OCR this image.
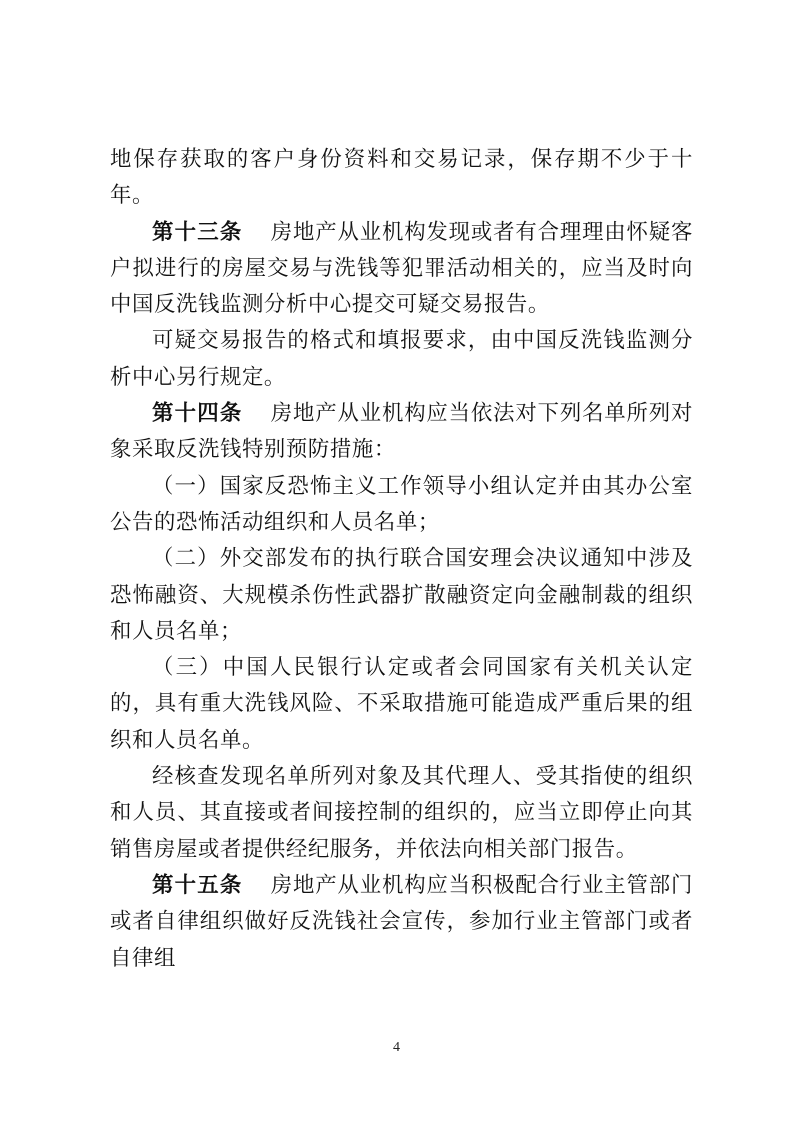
地保存获取的客户身份资料和交易记录，保存期不少于十年。

第十三条 房地产从业机构发现或者有合理理由怀疑客户拟进行的房屋交易与洗钱等犯罪活动相关的，应当及时向中国反洗钱监测分析中心提交可疑交易报告。

可疑交易报告的格式和填报要求，由中国反洗钱监测分析中心另行规定。

第十四条 房地产从业机构应当依法对下列名单所列对象采取反洗钱特别预防措施：

（一）国家反恐怖主义工作领导小组认定并由其办公室公告的恐怖活动组织和人员名单；

（二）外交部发布的执行联合国安理会决议通知中涉及恐怖融资、大规模杀伤性武器扩散融资定向金融制裁的组织和人员名单；

（三）中国人民银行认定或者会同国家有关机关认定的，具有重大洗钱风险、不采取措施可能造成严重后果的组织和人员名单。

经核查发现名单所列对象及其代理人、受其指使的组织和人员、其直接或者间接控制的组织的，应当立即停止向其销售房屋或者提供经纪服务，并依法向相关部门报告。

第十五条 房地产从业机构应当积极配合行业主管部门或者自律组织做好反洗钱社会宣传，参加行业主管部门或者自律组

4
